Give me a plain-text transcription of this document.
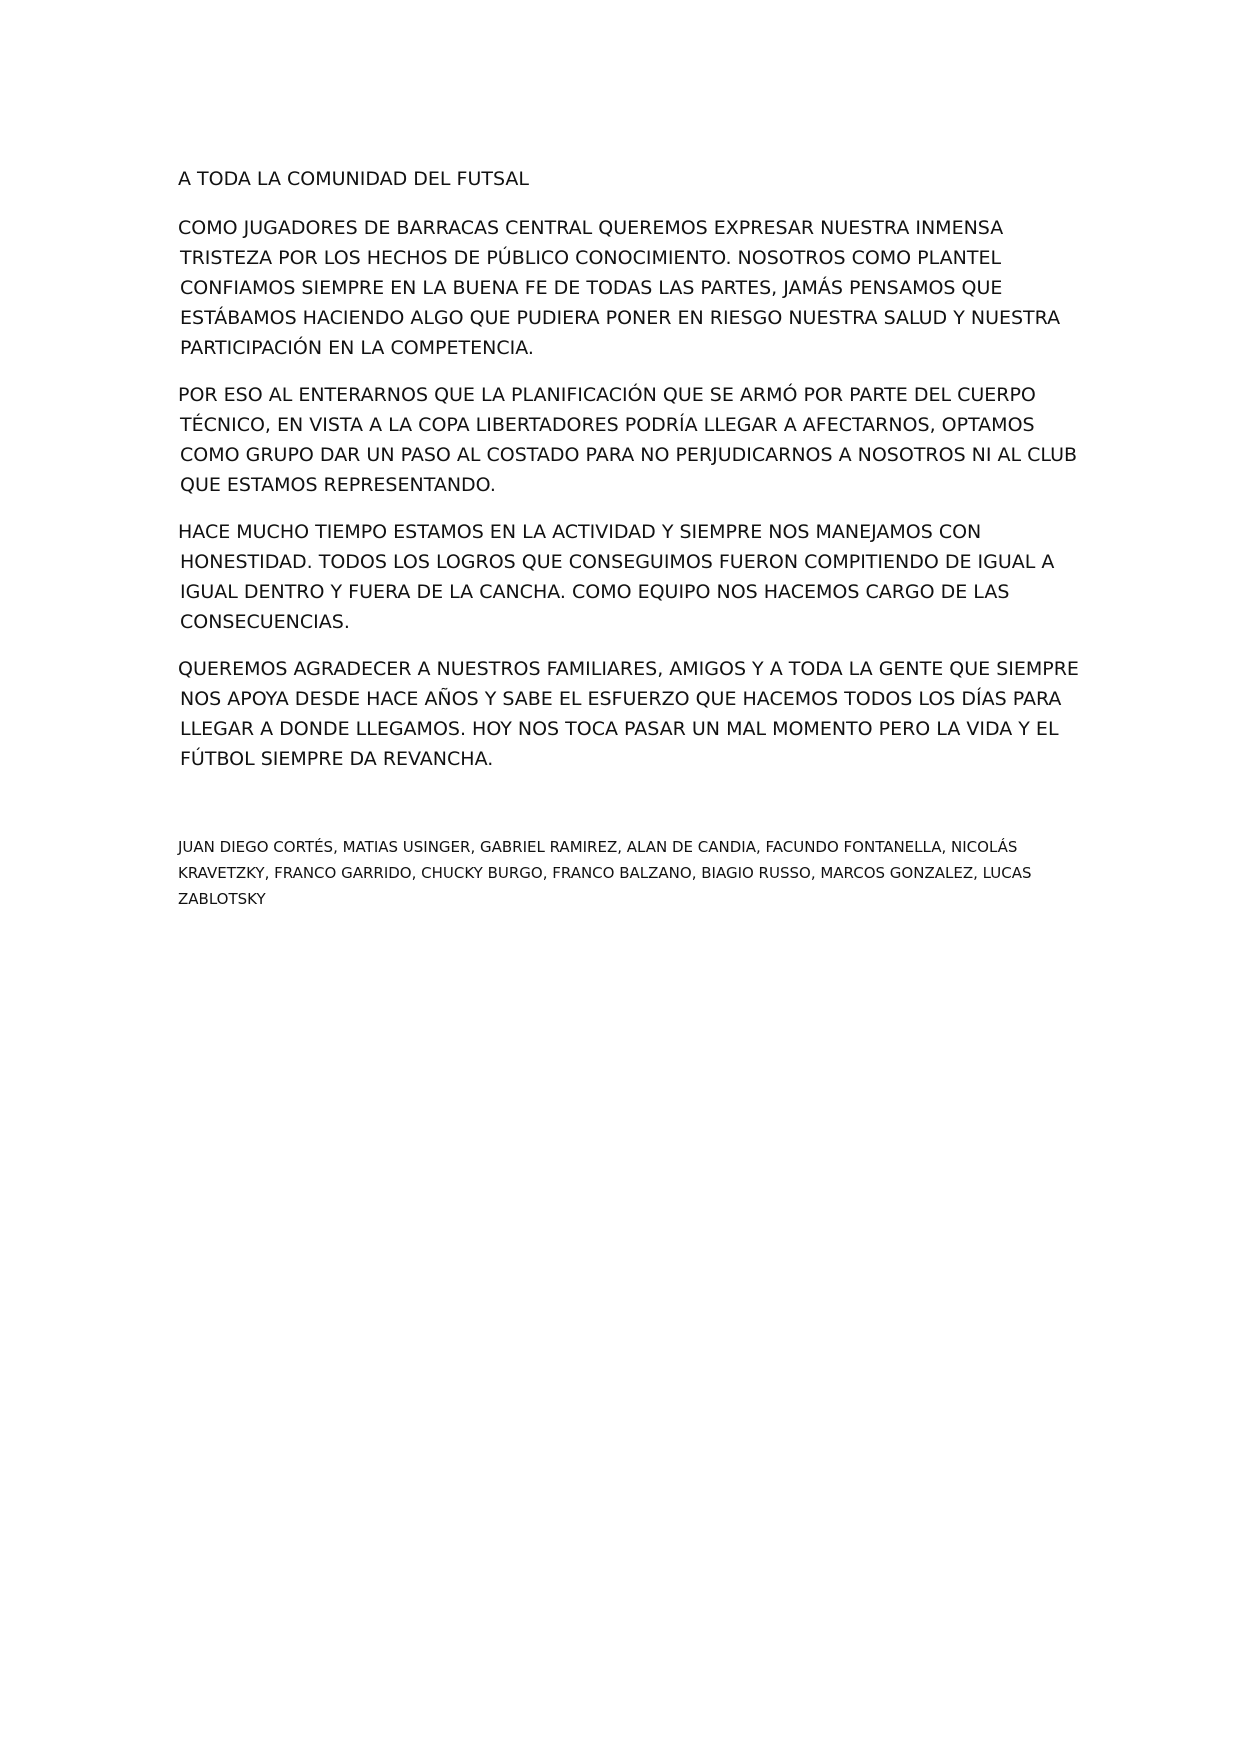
A TODA LA COMUNIDAD DEL FUTSAL

COMO JUGADORES DE BARRACAS CENTRAL QUEREMOS EXPRESAR NUESTRA INMENSA
TRISTEZA POR LOS HECHOS DE PÚBLICO CONOCIMIENTO. NOSOTROS COMO PLANTEL
CONFIAMOS SIEMPRE EN LA BUENA FE DE TODAS LAS PARTES, JAMÁS PENSAMOS QUE
ESTÁBAMOS HACIENDO ALGO QUE PUDIERA PONER EN RIESGO NUESTRA SALUD Y NUESTRA
PARTICIPACIÓN EN LA COMPETENCIA.

POR ESO AL ENTERARNOS QUE LA PLANIFICACIÓN QUE SE ARMÓ POR PARTE DEL CUERPO
TÉCNICO, EN VISTA A LA COPA LIBERTADORES PODRÍA LLEGAR A AFECTARNOS, OPTAMOS
COMO GRUPO DAR UN PASO AL COSTADO PARA NO PERJUDICARNOS A NOSOTROS NI AL CLUB
QUE ESTAMOS REPRESENTANDO.

HACE MUCHO TIEMPO ESTAMOS EN LA ACTIVIDAD Y SIEMPRE NOS MANEJAMOS CON
HONESTIDAD. TODOS LOS LOGROS QUE CONSEGUIMOS FUERON COMPITIENDO DE IGUAL A
IGUAL DENTRO Y FUERA DE LA CANCHA. COMO EQUIPO NOS HACEMOS CARGO DE LAS
CONSECUENCIAS.

QUEREMOS AGRADECER A NUESTROS FAMILIARES, AMIGOS Y A TODA LA GENTE QUE SIEMPRE
NOS APOYA DESDE HACE AÑOS Y SABE EL ESFUERZO QUE HACEMOS TODOS LOS DÍAS PARA
LLEGAR A DONDE LLEGAMOS. HOY NOS TOCA PASAR UN MAL MOMENTO PERO LA VIDA Y EL
FÚTBOL SIEMPRE DA REVANCHA.

JUAN DIEGO CORTÉS, MATIAS USINGER, GABRIEL RAMIREZ, ALAN DE CANDIA, FACUNDO FONTANELLA, NICOLÁS
KRAVETZKY, FRANCO GARRIDO, CHUCKY BURGO, FRANCO BALZANO, BIAGIO RUSSO, MARCOS GONZALEZ, LUCAS
ZABLOTSKY
